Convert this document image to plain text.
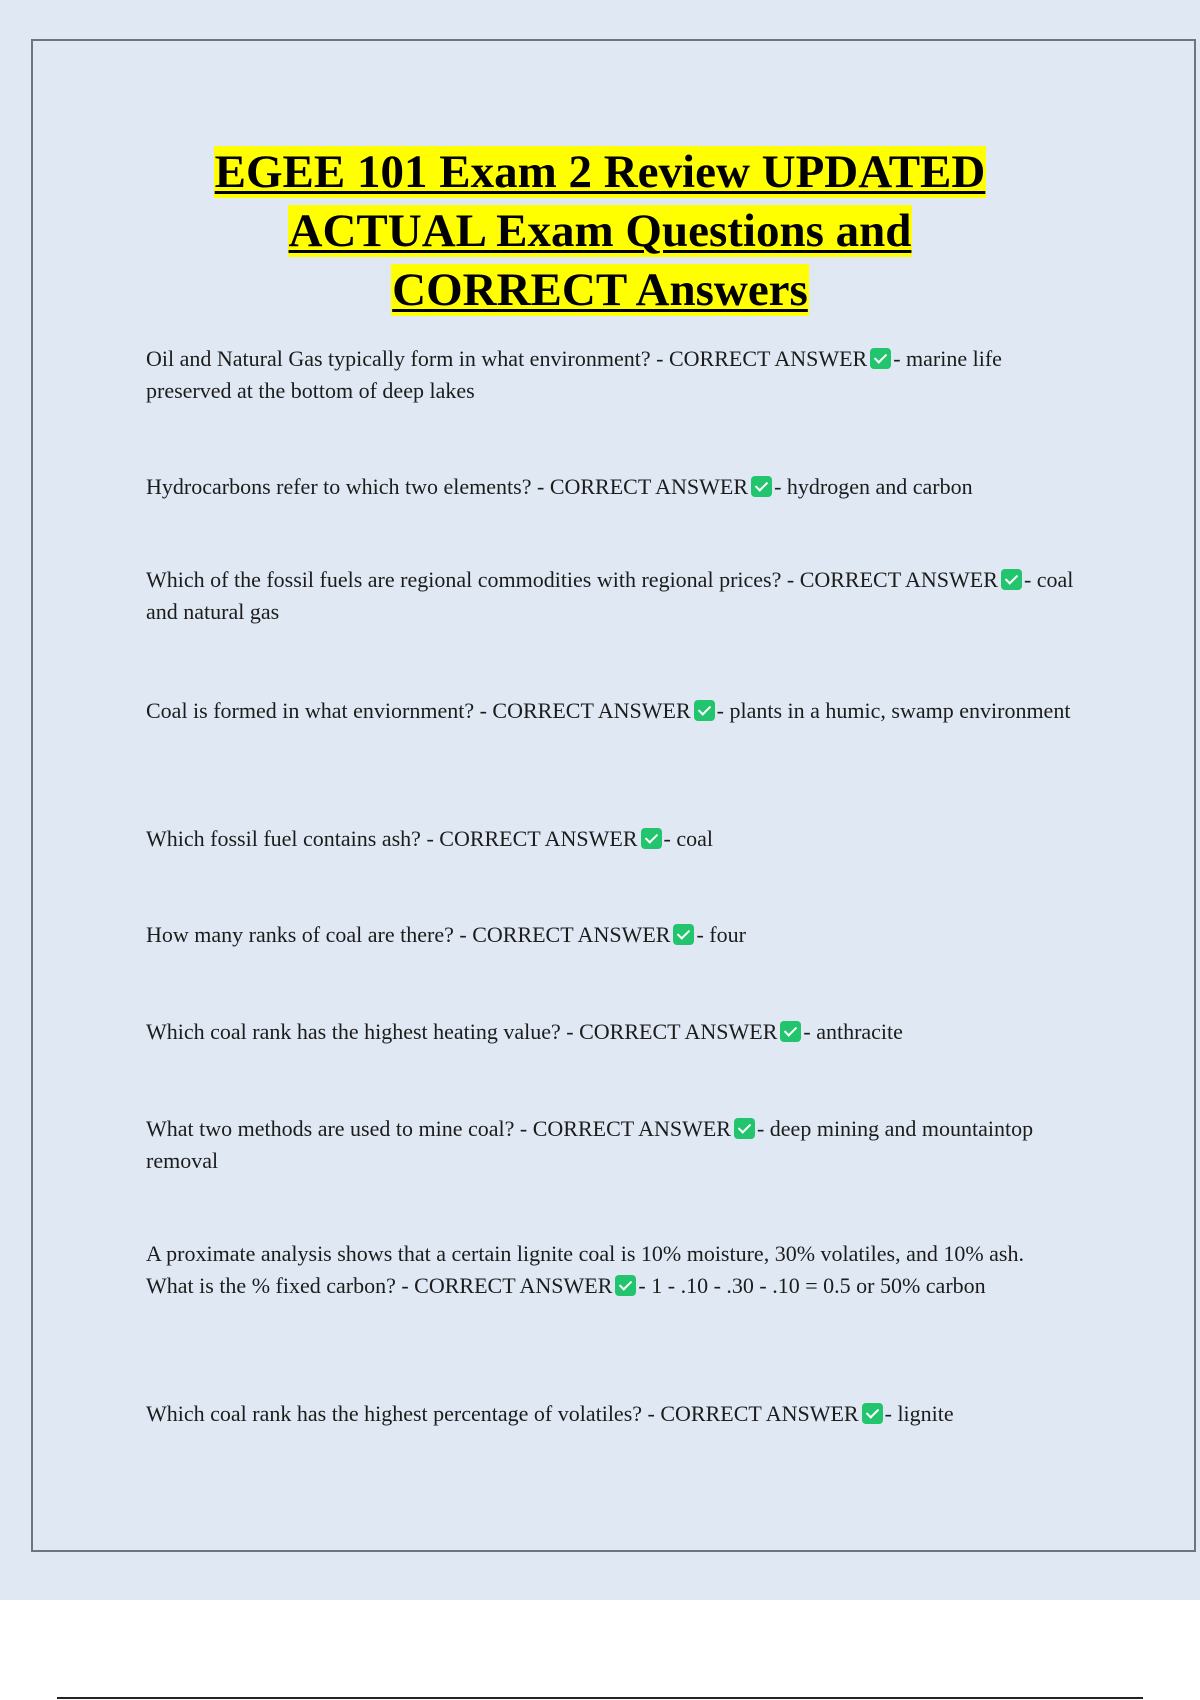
EGEE 101 Exam 2 Review UPDATED
ACTUAL Exam Questions and
CORRECT Answers

Oil and Natural Gas typically form in what environment? - CORRECT ANSWER - marine life preserved at the bottom of deep lakes

Hydrocarbons refer to which two elements? - CORRECT ANSWER - hydrogen and carbon

Which of the fossil fuels are regional commodities with regional prices? - CORRECT ANSWER - coal and natural gas

Coal is formed in what enviornment? - CORRECT ANSWER - plants in a humic, swamp environment

Which fossil fuel contains ash? - CORRECT ANSWER - coal

How many ranks of coal are there? - CORRECT ANSWER - four

Which coal rank has the highest heating value? - CORRECT ANSWER - anthracite

What two methods are used to mine coal? - CORRECT ANSWER - deep mining and mountaintop removal

A proximate analysis shows that a certain lignite coal is 10% moisture, 30% volatiles, and 10% ash. What is the % fixed carbon? - CORRECT ANSWER - 1 - .10 - .30 - .10 = 0.5 or 50% carbon

Which coal rank has the highest percentage of volatiles? - CORRECT ANSWER - lignite
